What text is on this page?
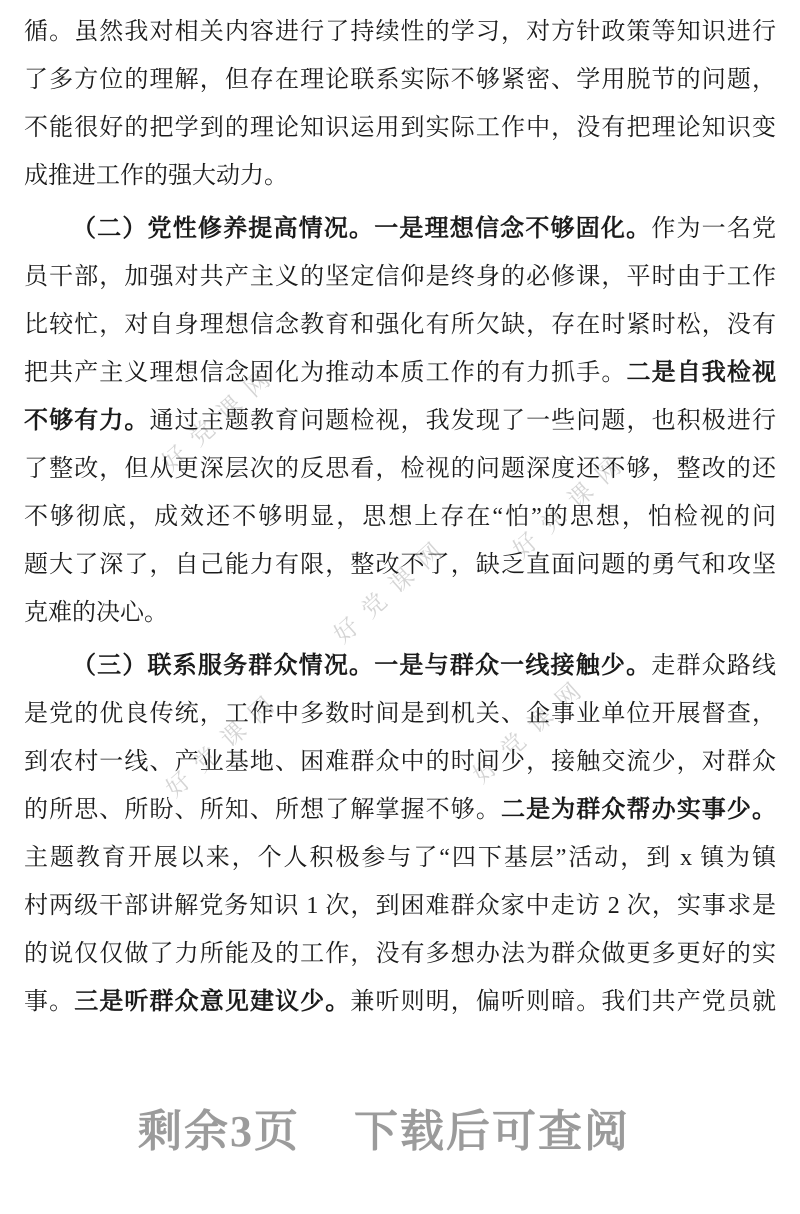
好党课网
好党课网
好党课网
好党课网	好党课网
循。虽然我对相关内容进行了持续性的学习，对方针政策等知识进行
了多方位的理解，但存在理论联系实际不够紧密、学用脱节的问题，
不能很好的把学到的理论知识运用到实际工作中，没有把理论知识变
成推进工作的强大动力。
（二）党性修养提高情况。一是理想信念不够固化。作为一名党
员干部，加强对共产主义的坚定信仰是终身的必修课，平时由于工作
比较忙，对自身理想信念教育和强化有所欠缺，存在时紧时松，没有
把共产主义理想信念固化为推动本质工作的有力抓手。二是自我检视
不够有力。通过主题教育问题检视，我发现了一些问题，也积极进行
了整改，但从更深层次的反思看，检视的问题深度还不够，整改的还
不够彻底，成效还不够明显，思想上存在“怕”的思想，怕检视的问
题大了深了，自己能力有限，整改不了，缺乏直面问题的勇气和攻坚
克难的决心。
（三）联系服务群众情况。一是与群众一线接触少。走群众路线
是党的优良传统，工作中多数时间是到机关、企事业单位开展督查，
到农村一线、产业基地、困难群众中的时间少，接触交流少，对群众
的所思、所盼、所知、所想了解掌握不够。二是为群众帮办实事少。
主题教育开展以来，个人积极参与了“四下基层”活动，到 x 镇为镇
村两级干部讲解党务知识 1 次，到困难群众家中走访 2 次，实事求是
的说仅仅做了力所能及的工作，没有多想办法为群众做更多更好的实
事。三是听群众意见建议少。兼听则明，偏听则暗。我们共产党员就
剩余3页 下载后可查阅
